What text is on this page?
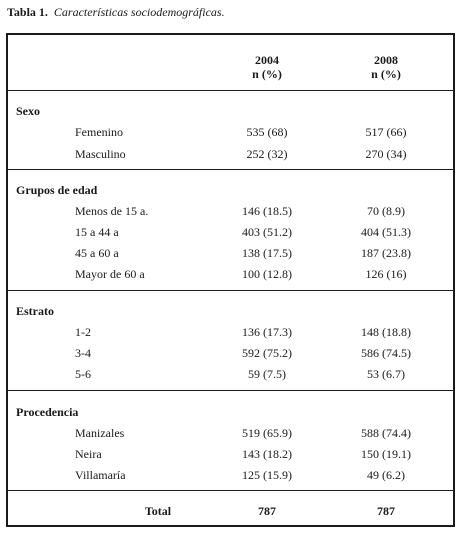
Tabla 1. Características sociodemográficas.
2004	2008
n (%)	n (%)
Sexo
Femenino	535 (68)	517 (66)
Masculino	252 (32)	270 (34)
Grupos de edad
Menos de 15 a.	146 (18.5)	70 (8.9)
15 a 44 a	403 (51.2)	404 (51.3)
45 a 60 a	138 (17.5)	187 (23.8)
Mayor de 60 a	100 (12.8)	126 (16)
Estrato
1-2	136 (17.3)	148 (18.8)
3-4	592 (75.2)	586 (74.5)
5-6	59 (7.5)	53 (6.7)
Procedencia
Manizales	519 (65.9)	588 (74.4)
Neira	143 (18.2)	150 (19.1)
Villamaría	125 (15.9)	49 (6.2)
Total	787	787
